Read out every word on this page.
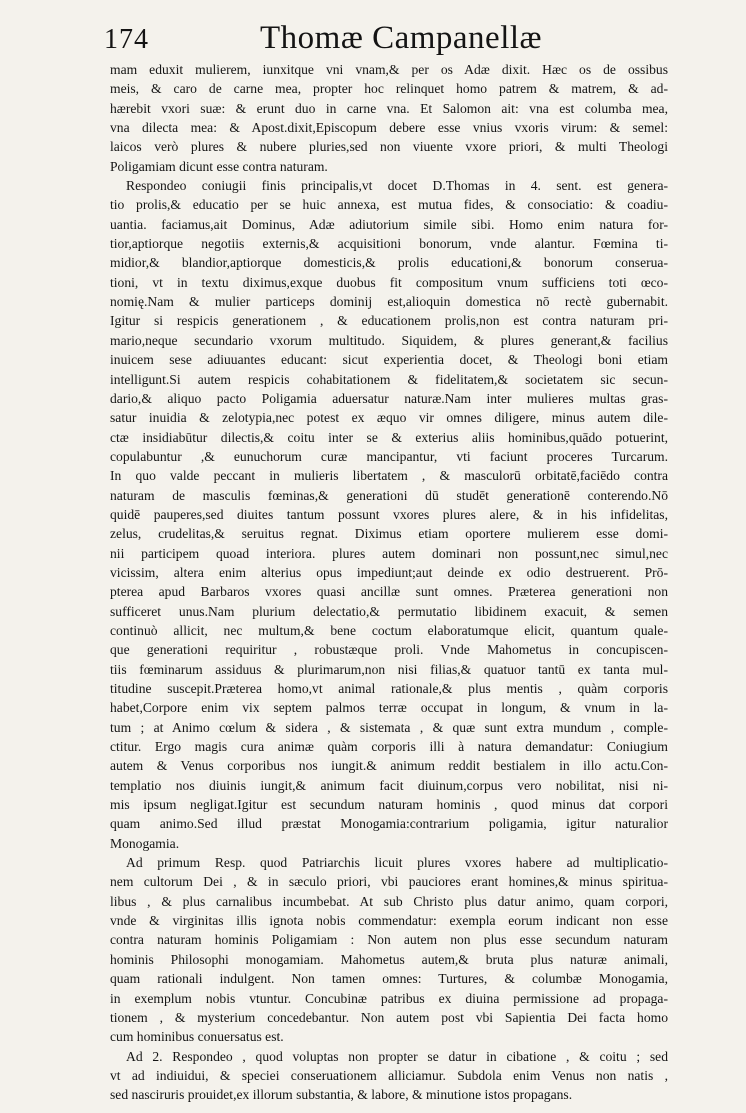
174	Thomæ Campanellæ
mam eduxit mulierem, iunxitque vni vnam,& per os Adæ dixit. Hæc os de ossibus
meis, & caro de carne mea, propter hoc relinquet homo patrem & matrem, & ad-
hærebit vxori suæ: & erunt duo in carne vna. Et Salomon ait: vna est columba mea,
vna dilecta mea: & Apost.dixit,Episcopum debere esse vnius vxoris virum: & semel:
laicos verò plures & nubere pluries,sed non viuente vxore priori, & multi Theologi
Poligamiam dicunt esse contra naturam.
Respondeo coniugii finis principalis,vt docet D.Thomas in 4. sent. est genera-
tio prolis,& educatio per se huic annexa, est mutua fides, & consociatio: & coadiu-
uantia. faciamus,ait Dominus, Adæ adiutorium simile sibi. Homo enim natura for-
tior,aptiorque negotiis externis,& acquisitioni bonorum, vnde alantur. Fœmina ti-
midior,& blandior,aptiorque domesticis,& prolis educationi,& bonorum conserua-
tioni, vt in textu diximus,exque duobus fit compositum vnum sufficiens toti œco-
nomię.Nam & mulier particeps dominij est,alioquin domestica nō rectè gubernabit.
Igitur si respicis generationem , & educationem prolis,non est contra naturam pri-
mario,neque secundario vxorum multitudo. Siquidem, & plures generant,& facilius
inuicem sese adiuuantes educant: sicut experientia docet, & Theologi boni etiam
intelligunt.Si autem respicis cohabitationem & fidelitatem,& societatem sic secun-
dario,& aliquo pacto Poligamia aduersatur naturæ.Nam inter mulieres multas gras-
satur inuidia & zelotypia,nec potest ex æquo vir omnes diligere, minus autem dile-
ctæ insidiabūtur dilectis,& coitu inter se & exterius aliis hominibus,quādo potuerint,
copulabuntur ,& eunuchorum curæ mancipantur, vti faciunt proceres Turcarum.
In quo valde peccant in mulieris libertatem , & masculorū orbitatē,faciēdo contra
naturam de masculis fœminas,& generationi dū studēt generationē conterendo.Nō
quidē pauperes,sed diuites tantum possunt vxores plures alere, & in his infidelitas,
zelus, crudelitas,& seruitus regnat. Diximus etiam oportere mulierem esse domi-
nii participem quoad interiora. plures autem dominari non possunt,nec simul,nec
vicissim, altera enim alterius opus impediunt;aut deinde ex odio destruerent. Prō-
pterea apud Barbaros vxores quasi ancillæ sunt omnes. Præterea generationi non
sufficeret unus.Nam plurium delectatio,& permutatio libidinem exacuit, & semen
continuò allicit, nec multum,& bene coctum elaboratumque elicit, quantum quale-
que generationi requiritur , robustæque proli. Vnde Mahometus in concupiscen-
tiis fœminarum assiduus & plurimarum,non nisi filias,& quatuor tantū ex tanta mul-
titudine suscepit.Præterea homo,vt animal rationale,& plus mentis , quàm corporis
habet,Corpore enim vix septem palmos terræ occupat in longum, & vnum in la-
tum ; at Animo cœlum & sidera , & sistemata , & quæ sunt extra mundum , comple-
ctitur. Ergo magis cura animæ quàm corporis illi à natura demandatur: Coniugium
autem & Venus corporibus nos iungit.& animum reddit bestialem in illo actu.Con-
templatio nos diuinis iungit,& animum facit diuinum,corpus vero nobilitat, nisi ni-
mis ipsum negligat.Igitur est secundum naturam hominis , quod minus dat corpori
quam animo.Sed illud præstat Monogamia:contrarium poligamia, igitur naturalior
Monogamia.
Ad primum Resp. quod Patriarchis licuit plures vxores habere ad multiplicatio-
nem cultorum Dei , & in sæculo priori, vbi pauciores erant homines,& minus spiritua-
libus , & plus carnalibus incumbebat. At sub Christo plus datur animo, quam corpori,
vnde & virginitas illis ignota nobis commendatur: exempla eorum indicant non esse
contra naturam hominis Poligamiam : Non autem non plus esse secundum naturam
hominis Philosophi monogamiam. Mahometus autem,& bruta plus naturæ animali,
quam rationali indulgent. Non tamen omnes: Turtures, & columbæ Monogamia,
in exemplum nobis vtuntur. Concubinæ patribus ex diuina permissione ad propaga-
tionem , & mysterium concedebantur. Non autem post vbi Sapientia Dei facta homo
cum hominibus conuersatus est.
Ad 2. Respondeo , quod voluptas non propter se datur in cibatione , & coitu ; sed
vt ad indiuidui, & speciei conseruationem alliciamur. Subdola enim Venus non natis ,
sed nasciruris prouidet,ex illorum substantia, & labore, & minutione istos propagans.
